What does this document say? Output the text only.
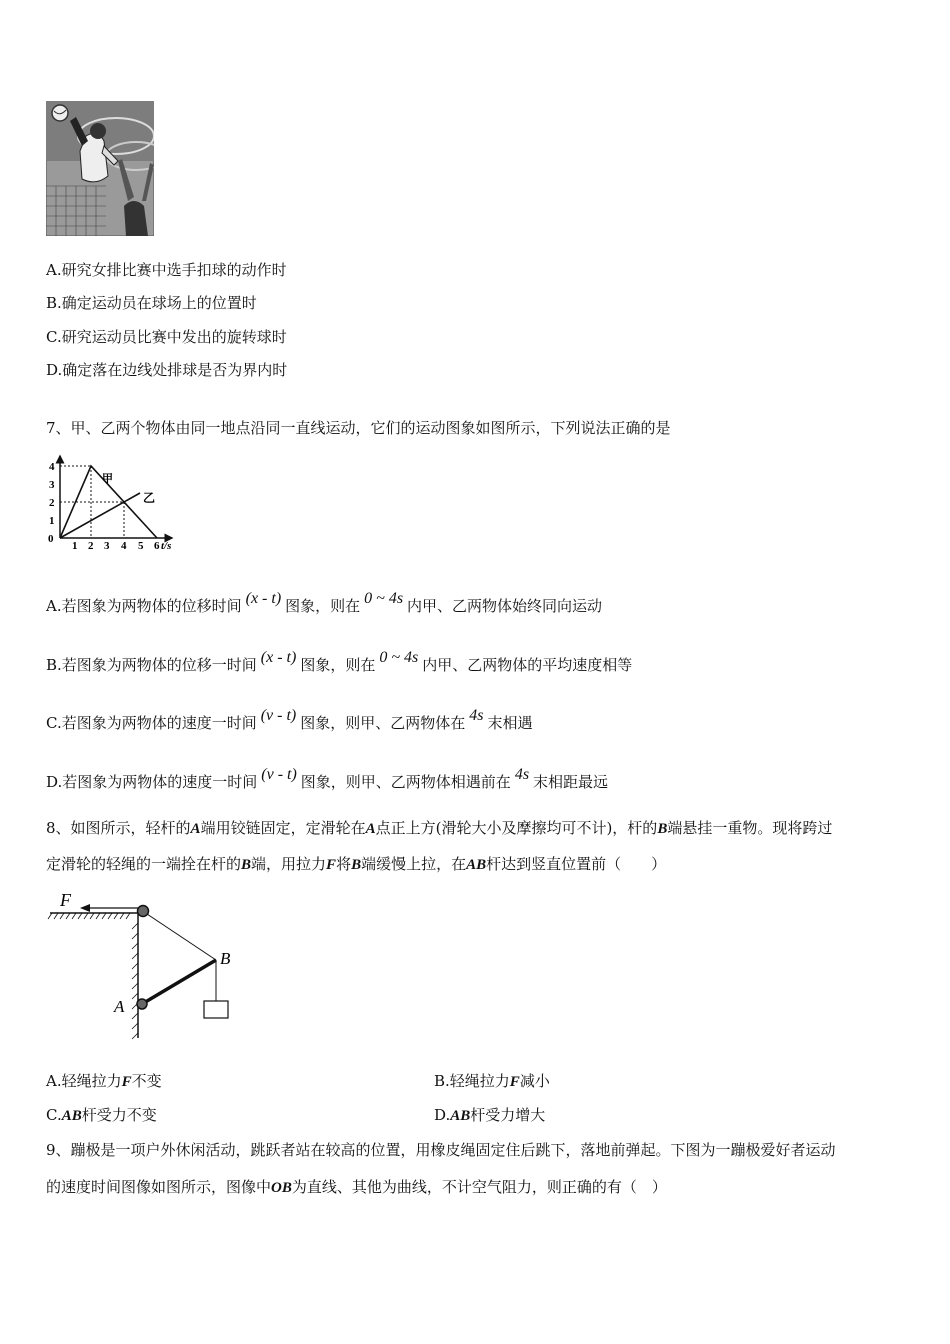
A.研究女排比赛中选手扣球的动作时
B.确定运动员在球场上的位置时
C.研究运动员比赛中发出的旋转球时
D.确定落在边线处排球是否为界内时
7、甲、乙两个物体由同一地点沿同一直线运动，它们的运动图象如图所示，下列说法正确的是
甲
乙
4
3
2
1
0
1 2 3 4 5 6 t/s
A.若图象为两物体的位移时间 (x - t) 图象，则在 0 ~ 4s 内甲、乙两物体始终同向运动
B.若图象为两物体的位移一时间 (x - t) 图象，则在 0 ~ 4s 内甲、乙两物体的平均速度相等
C.若图象为两物体的速度一时间 (v - t) 图象，则甲、乙两物体在 4s 末相遇
D.若图象为两物体的速度一时间 (v - t) 图象，则甲、乙两物体相遇前在 4s 末相距最远
8、如图所示，轻杆的A端用铰链固定，定滑轮在A点正上方(滑轮大小及摩擦均可不计)，杆的B端悬挂一重物。现将跨过
定滑轮的轻绳的一端拴在杆的B端，用拉力F将B端缓慢上拉，在AB杆达到竖直位置前（　　）
F
B
A
A.轻绳拉力F不变	B.轻绳拉力F减小
C.AB杆受力不变	D.AB杆受力增大
9、蹦极是一项户外休闲活动，跳跃者站在较高的位置，用橡皮绳固定住后跳下，落地前弹起。下图为一蹦极爱好者运动
的速度时间图像如图所示，图像中OB为直线、其他为曲线，不计空气阻力，则正确的有（　）
